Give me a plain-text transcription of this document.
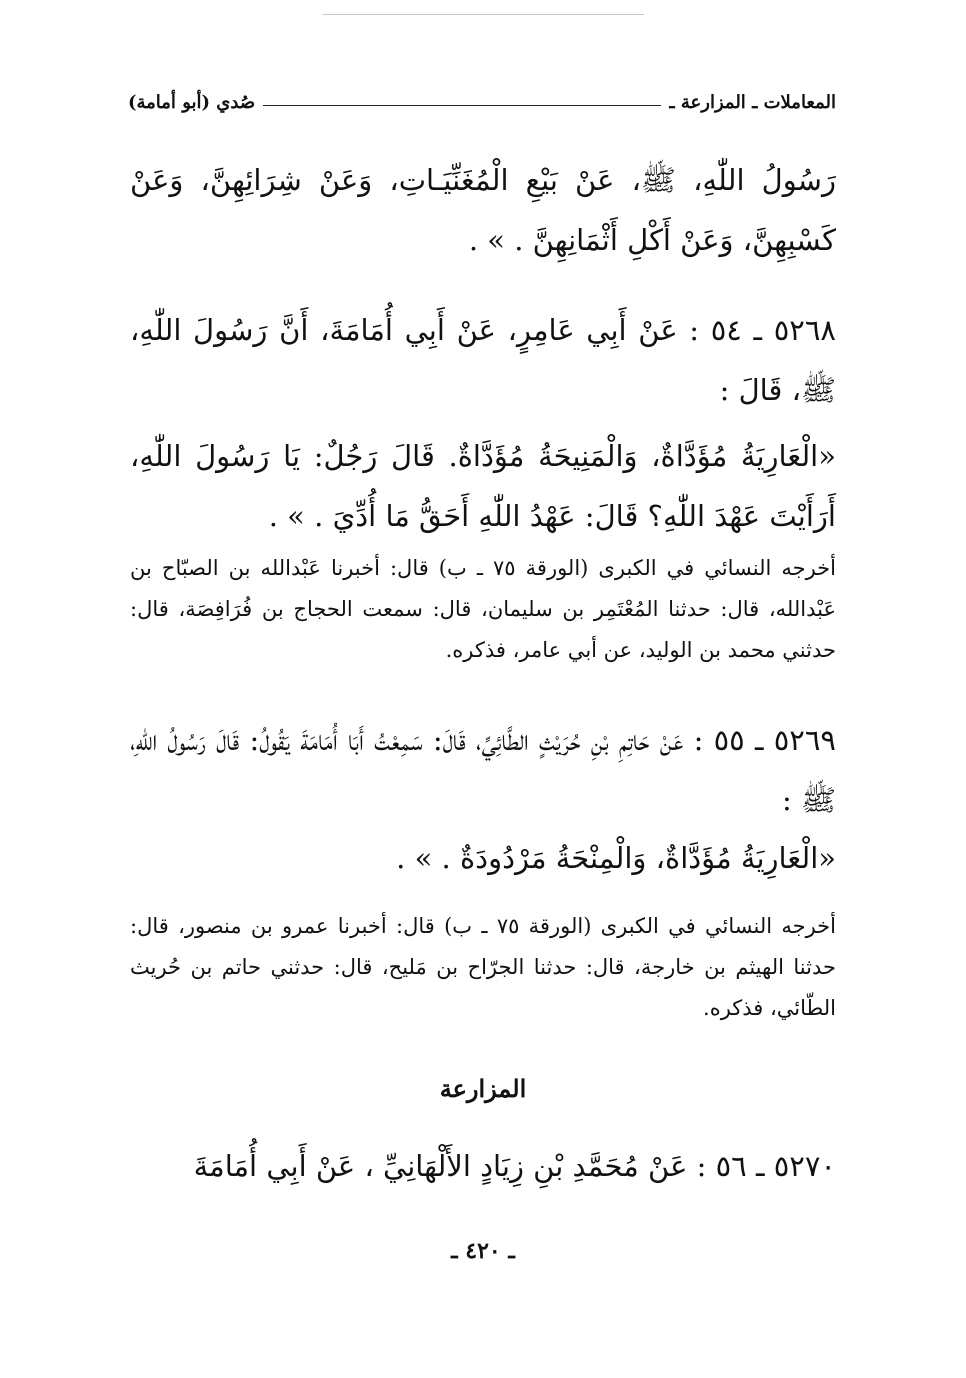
المعاملات ـ المزارعة ـ
صُدي (أبو أمامة)

رَسُولُ اللّٰهِ، ﷺ، عَنْ بَيْعِ الْمُغَنِّيَـاتِ، وَعَنْ شِرَائِهِنَّ، وَعَنْ كَسْبِهِنَّ، وَعَنْ أَكْلِ أَثْمَانِهِنَّ . » .

٥٢٦٨ ـ ٥٤ : عَنْ أَبِي عَامِرٍ، عَنْ أَبِي أُمَامَةَ، أَنَّ رَسُولَ اللّٰهِ، ﷺ، قَالَ :

«الْعَارِيَةُ مُؤَدَّاةٌ، وَالْمَنِيحَةُ مُؤَدَّاةٌ. قَالَ رَجُلٌ: يَا رَسُولَ اللّٰهِ، أَرَأَيْتَ عَهْدَ اللّٰهِ؟ قَالَ: عَهْدُ اللّٰهِ أَحَقُّ مَا أُدِّيَ . » .

أخرجه النسائي في الكبرى (الورقة ٧٥ ـ ب) قال: أخبرنا عَبْدالله بن الصبّاح بن عَبْدالله، قال: حدثنا المُعْتَمِر بن سليمان، قال: سمعت الحجاج بن فُرَافِصَة، قال: حدثني محمد بن الوليد، عن أبي عامر، فذكره.

٥٢٦٩ ـ ٥٥ : عَنْ حَاتِمِ بْنِ حُرَيْثٍ الطَّائِيِّ، قَالَ: سَمِعْتُ أَبَا أُمَامَةَ يَقُولُ: قَالَ رَسُولُ اللّٰهِ، ﷺ :

«الْعَارِيَةُ مُؤَدَّاةٌ، وَالْمِنْحَةُ مَرْدُودَةٌ . » .

أخرجه النسائي في الكبرى (الورقة ٧٥ ـ ب) قال: أخبرنا عمرو بن منصور، قال: حدثنا الهيثم بن خارجة، قال: حدثنا الجرّاح بن مَليح، قال: حدثني حاتم بن حُريث الطّائي، فذكره.

المزارعة

٥٢٧٠ ـ ٥٦ : عَنْ مُحَمَّدِ بْنِ زِيَادٍ الأَلْهَانِيِّ ، عَنْ أَبِي أُمَامَةَ

ـ ٤٢٠ ـ
